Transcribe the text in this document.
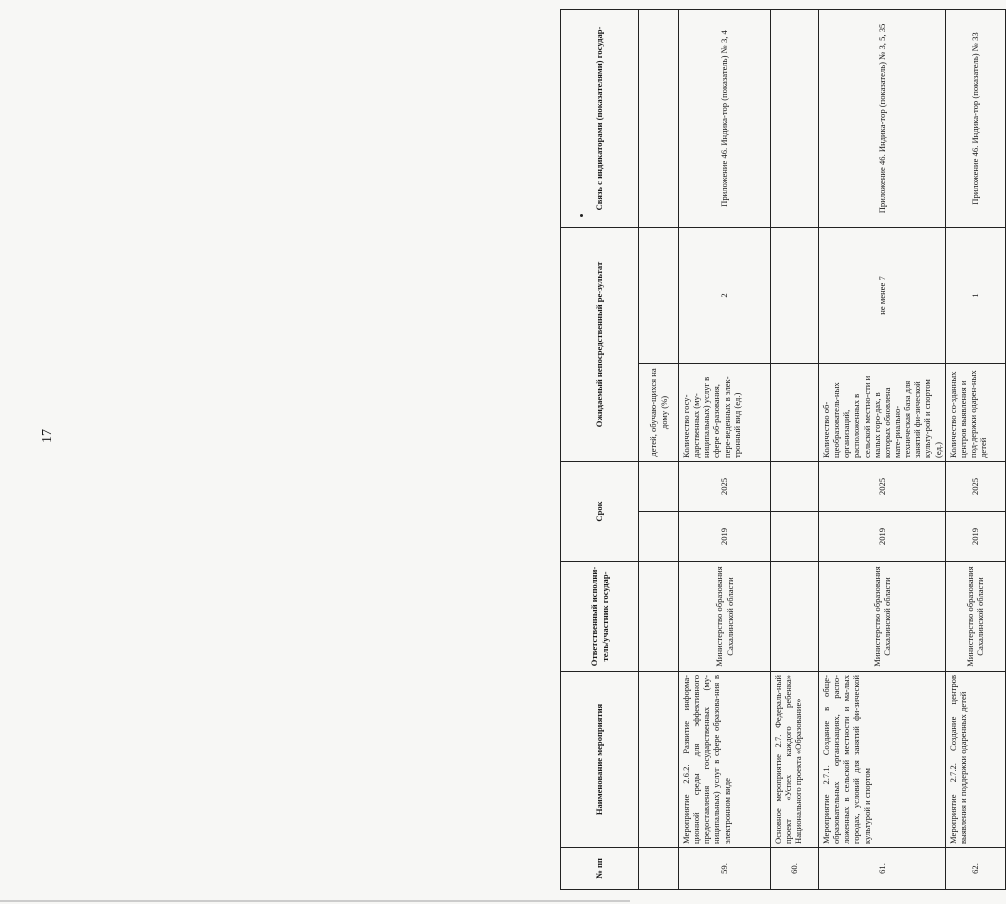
17
№ пп	Наименование мероприятия	Ответственный исполни-тель/участник государ-	Срок		Ожидаемый непосредственный ре-зультат		Связь с индикаторами (показателями) государ-
					детей, обучаю-щихся на дому (%)		
59.	Мероприятие 2.6.2. Развитие информа-ционной среды для эффективного предоставления государственных (му-ниципальных) услуг в сфере образова-ния в электронном виде	Министерство образования Сахалинской области	2019	2025	Количество госу-дарственных (му-ниципальных) услуг в сфере об-разования, пере-веденных в элек-тронный вид (ед.)	2	Приложение 46. Индика-тор (показатель) № 3, 4
60.	Основное мероприятие 2.7. Федераль-ный проект «Успех каждого ребенка» Национального проекта «Образование»						
61.	Мероприятие 2.7.1. Создание в обще-образовательных организациях, распо-ложенных в сельской местности и ма-лых городах, условий для занятий фи-зической культурой и спортом	Министерство образования Сахалинской области	2019	2025	Количество об-щеобразователь-ных организаций, расположенных в сельской местно-сти и малых горо-дах, в которых обновлена мате-риально-техническая база для занятий фи-зической культу-рой и спортом (ед.)	не менее 7	Приложение 46. Индика-тор (показатель) № 3, 5, 35
62.	Мероприятие 2.7.2. Создание центров выявления и поддержки одаренных детей	Министерство образования Сахалинской области	2019	2025	Количество со-зданных центров выявления и под-держки одарен-ных детей	1	Приложение 46. Индика-тор (показатель) № 33
